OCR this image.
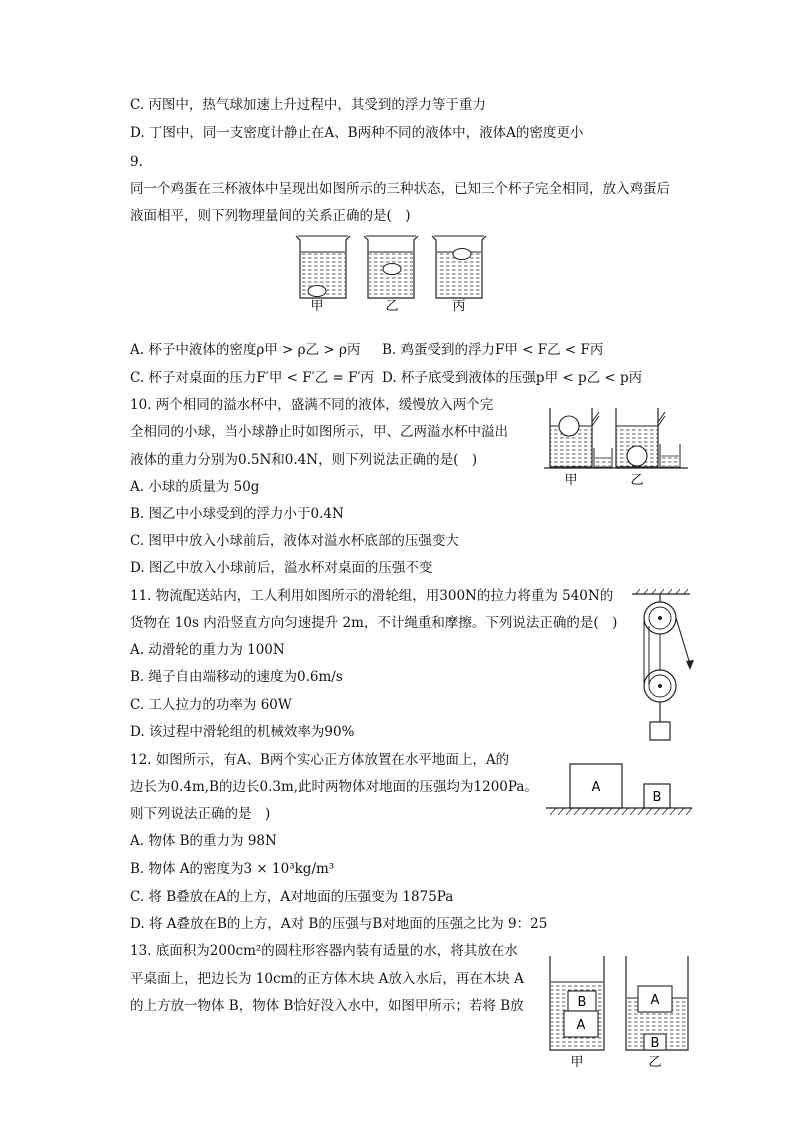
C. 丙图中，热气球加速上升过程中，其受到的浮力等于重力
D. 丁图中，同一支密度计静止在A、B两种不同的液体中，液体A的密度更小
9.
同一个鸡蛋在三杯液体中呈现出如图所示的三种状态，已知三个杯子完全相同，放入鸡蛋后
液面相平，则下列物理量间的关系正确的是(　)
甲	乙	丙
A. 杯子中液体的密度ρ甲 > ρ乙 > ρ丙 B. 鸡蛋受到的浮力F甲 < F乙 < F丙
C. 杯子对桌面的压力F′甲 < F′乙 = F′丙 D. 杯子底受到液体的压强p甲 < p乙 < p丙
10. 两个相同的溢水杯中，盛满不同的液体，缓慢放入两个完
全相同的小球，当小球静止时如图所示，甲、乙两溢水杯中溢出
液体的重力分别为0.5N和0.4N，则下列说法正确的是(　)
甲	乙
A. 小球的质量为 50g
B. 图乙中小球受到的浮力小于0.4N
C. 图甲中放入小球前后，液体对溢水杯底部的压强变大
D. 图乙中放入小球前后，溢水杯对桌面的压强不变
11. 物流配送站内，工人利用如图所示的滑轮组，用300N的拉力将重为 540N的
货物在 10s 内沿竖直方向匀速提升 2m，不计绳重和摩擦。下列说法正确的是(　)
A. 动滑轮的重力为 100N
B. 绳子自由端移动的速度为0.6m/s
C. 工人拉力的功率为 60W
D. 该过程中滑轮组的机械效率为90%
12. 如图所示，有A、B两个实心正方体放置在水平地面上，A的
边长为0.4m,B的边长0.3m,此时两物体对地面的压强均为1200Pa。
则下列说法正确的是　)
A
B
A. 物体 B的重力为 98N
B. 物体 A的密度为3 × 10³kg/m³
C. 将 B叠放在A的上方，A对地面的压强变为 1875Pa
D. 将 A叠放在B的上方，A对 B的压强与B对地面的压强之比为 9：25
13. 底面积为200cm²的圆柱形容器内装有适量的水，将其放在水
平桌面上，把边长为 10cm的正方体木块 A放入水后，再在木块 A
的上方放一物体 B，物体 B恰好没入水中，如图甲所示；若将 B放	B
A
A
B
甲	乙
